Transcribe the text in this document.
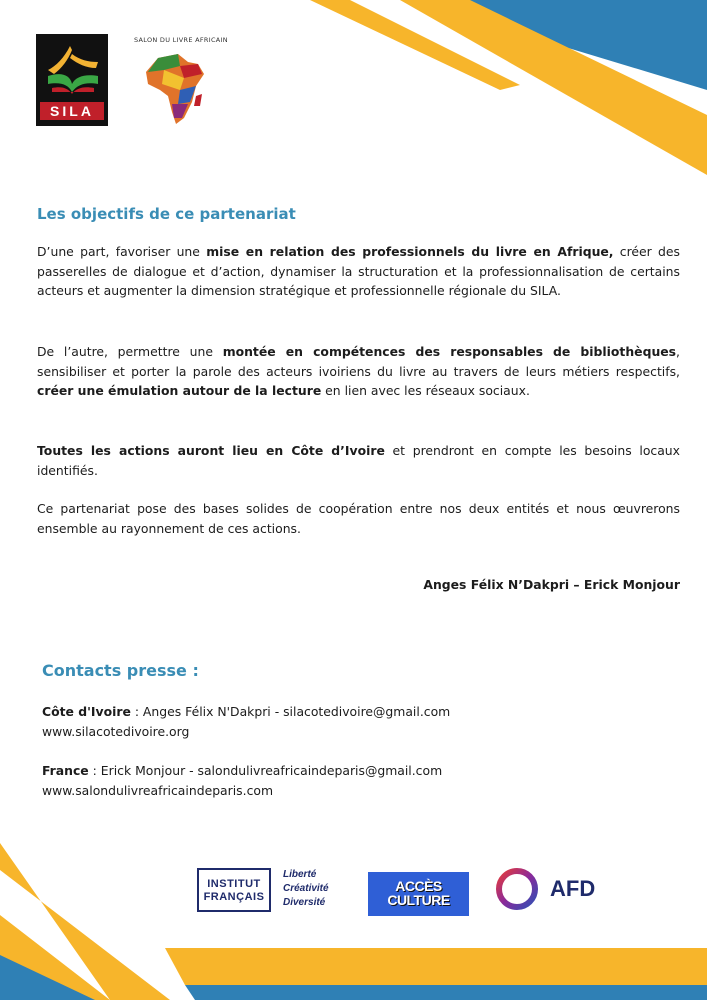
SILA
SALON DU LIVRE AFRICAIN
Les objectifs de ce partenariat

D’une part, favoriser une mise en relation des professionnels du livre en Afrique, créer des passerelles de dialogue et d’action, dynamiser la structuration et la professionnalisation de certains acteurs et augmenter la dimension stratégique et professionnelle régionale du SILA.

De l’autre, permettre une montée en compétences des responsables de bibliothèques, sensibiliser et porter la parole des acteurs ivoiriens du livre au travers de leurs métiers respectifs, créer une émulation autour de la lecture en lien avec les réseaux sociaux.

Toutes les actions auront lieu en Côte d’Ivoire et prendront en compte les besoins locaux identifiés.

Ce partenariat pose des bases solides de coopération entre nos deux entités et nous œuvrerons ensemble au rayonnement de ces actions.

Anges Félix N’Dakpri – Erick Monjour
Contacts presse :
Côte d'Ivoire : Anges Félix N'Dakpri - silacotedivoire@gmail.com
www.silacotedivoire.org
France : Erick Monjour - salondulivreafricaindeparis@gmail.com
www.salondulivreafricaindeparis.com
INSTITUT
FRANÇAIS
Liberté
Créativité
Diversité
ACCÈS
CULTURE	AFD
